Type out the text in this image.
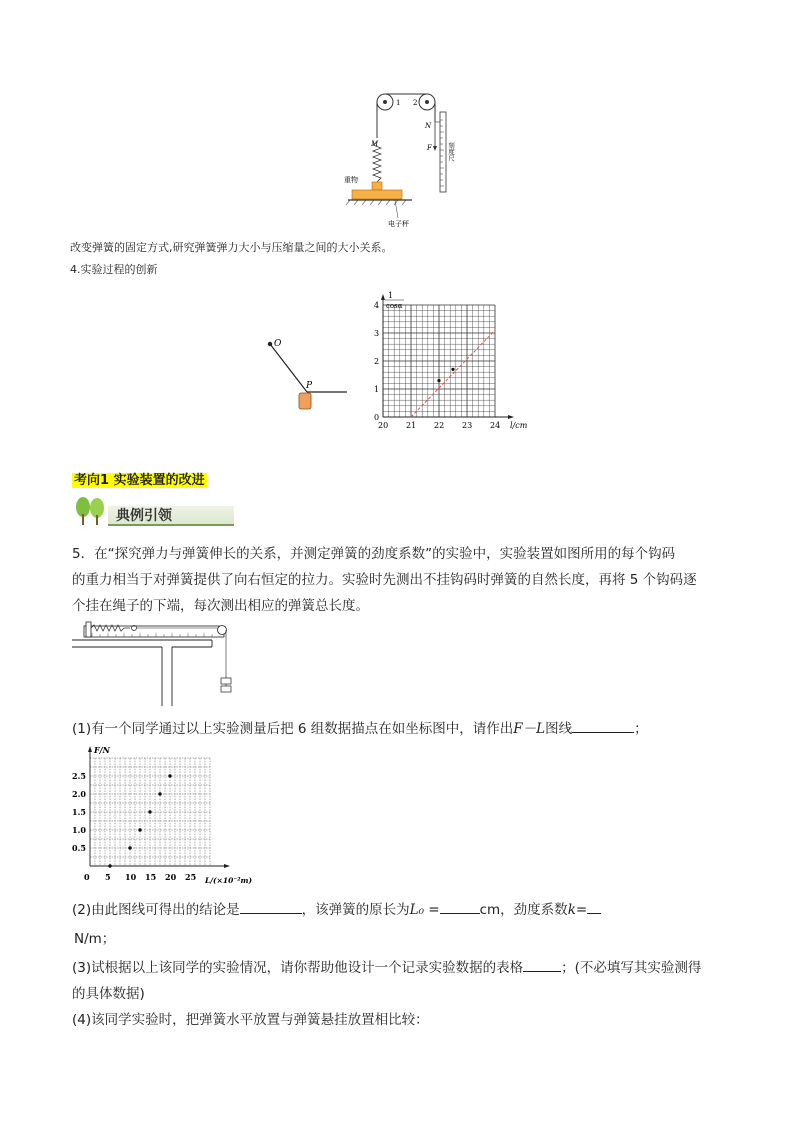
1 2
M
重物
电子秤
N
F 刻度尺
改变弹簧的固定方式,研究弹簧弹力大小与压缩量之间的大小关系。
4.实验过程的创新
O
P
1
cosα
l/cm
20 21 22 23 24
0
1
2
3
4
考向1 实验装置的改进
典例引领
5．在“探究弹力与弹簧伸长的关系，并测定弹簧的劲度系数”的实验中，实验装置如图所用的每个钩码
的重力相当于对弹簧提供了向右恒定的拉力。实验时先测出不挂钩码时弹簧的自然长度，再将 5 个钩码逐
个挂在绳子的下端，每次测出相应的弹簧总长度。
(1)有一个同学通过以上实验测量后把 6 组数据描点在如坐标图中，请作出F－L图线	；
F/N
L/(×10⁻²m)
0 5 10 15 20 25
0.5
1.0
1.5
2.0
2.5
(2)由此图线可得出的结论是	，该弹簧的原长为L₀ =	cm，劲度系数k=
N/m；
(3)试根据以上该同学的实验情况，请你帮助他设计一个记录实验数据的表格	；(不必填写其实验测得
的具体数据)
(4)该同学实验时，把弹簧水平放置与弹簧悬挂放置相比较：
